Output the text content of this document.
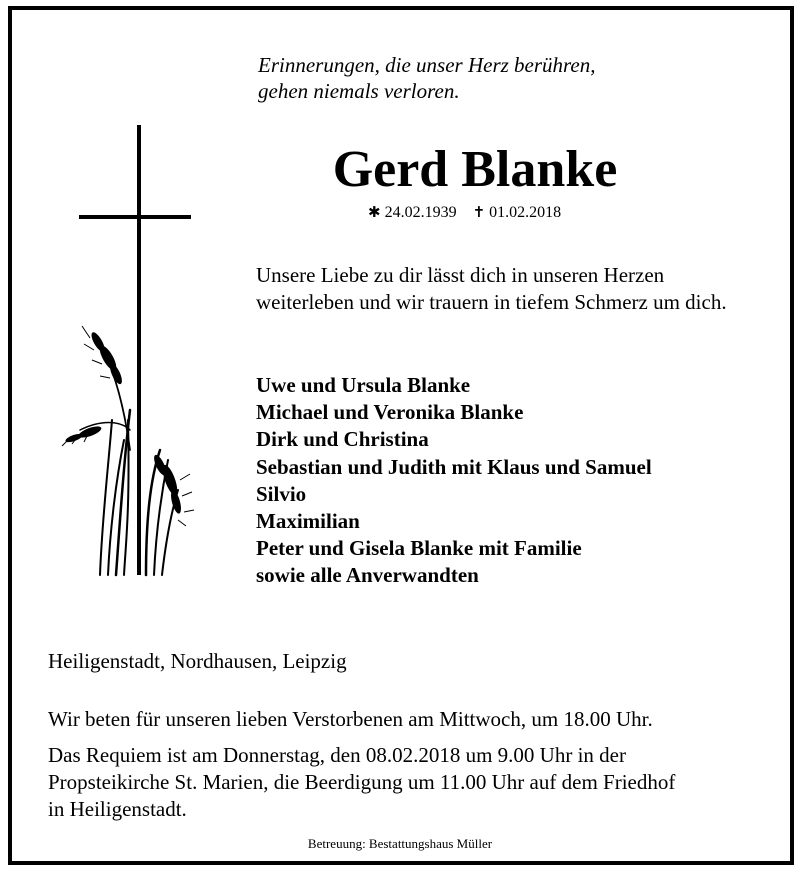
Erinnerungen, die unser Herz berühren,
gehen niemals verloren.
Gerd Blanke
✱ 24.02.1939 ✝ 01.02.2018
Unsere Liebe zu dir lässt dich in unseren Herzen weiterleben und wir trauern in tiefem Schmerz um dich.
Uwe und Ursula Blanke
Michael und Veronika Blanke
Dirk und Christina
Sebastian und Judith mit Klaus und Samuel
Silvio
Maximilian
Peter und Gisela Blanke mit Familie
sowie alle Anverwandten
Heiligenstadt, Nordhausen, Leipzig
Wir beten für unseren lieben Verstorbenen am Mittwoch, um 18.00 Uhr.
Das Requiem ist am Donnerstag, den 08.02.2018 um 9.00 Uhr in der
Propsteikirche St. Marien, die Beerdigung um 11.00 Uhr auf dem Friedhof
in Heiligenstadt.
Betreuung: Bestattungshaus Müller
